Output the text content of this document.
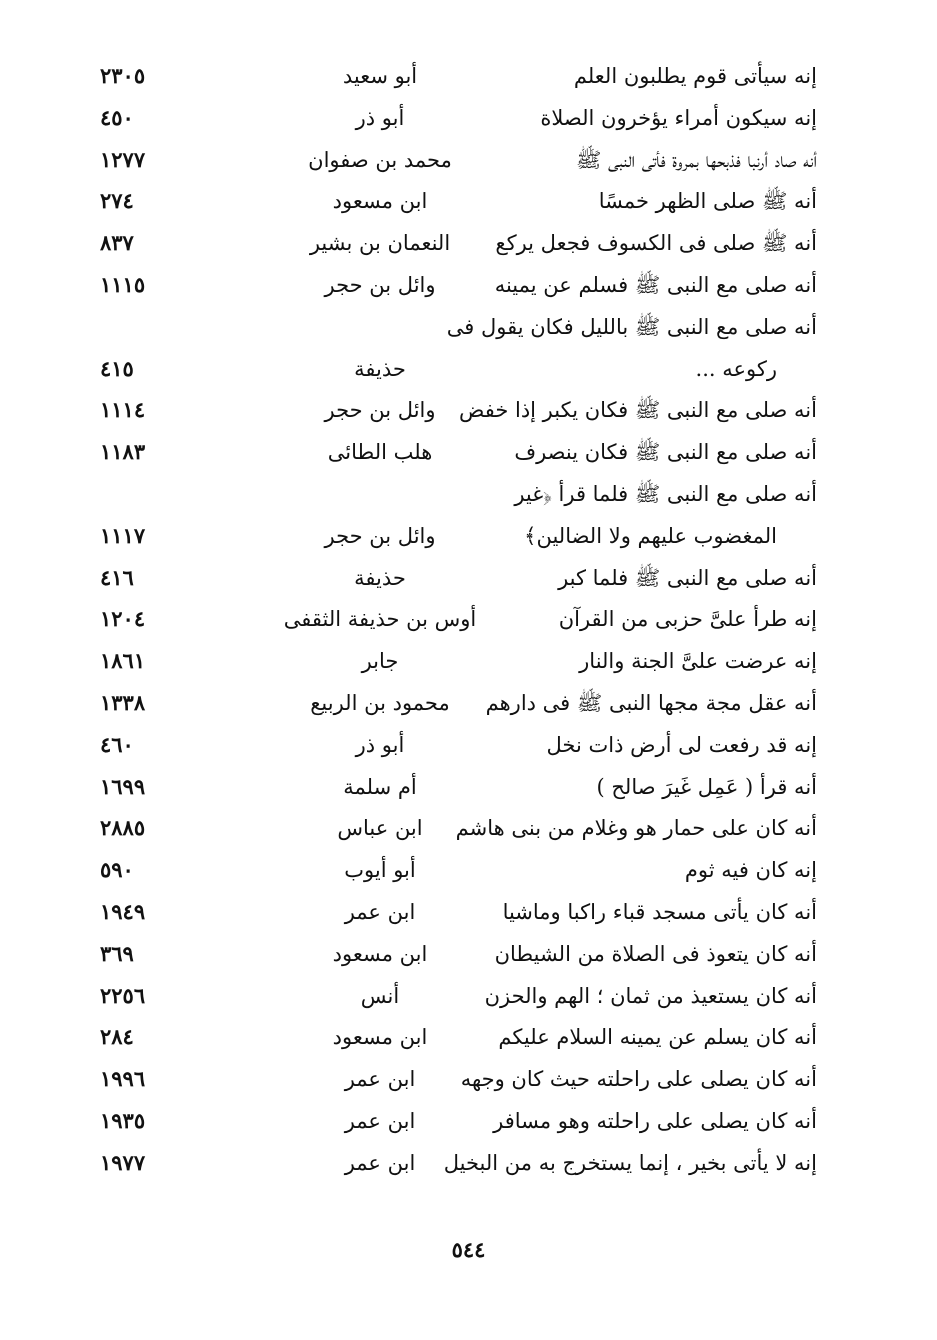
إنه سيأتى قوم يطلبون العلم
أبو سعيد
٢٣٠٥
إنه سيكون أمراء يؤخرون الصلاة
أبو ذر
٤٥٠
أنه صاد أرنبا فذبحها بمروة فأتى النبى ﷺ
محمد بن صفوان
١٢٧٧
أنه ﷺ صلى الظهر خمسًا
ابن مسعود
٢٧٤
أنه ﷺ صلى فى الكسوف فجعل يركع
النعمان بن بشير
٨٣٧
أنه صلى مع النبى ﷺ فسلم عن يمينه
وائل بن حجر
١١١٥
أنه صلى مع النبى ﷺ بالليل فكان يقول فى
ركوعه ...
حذيفة
٤١٥
أنه صلى مع النبى ﷺ فكان يكبر إذا خفض
وائل بن حجر
١١١٤
أنه صلى مع النبى ﷺ فكان ينصرف
هلب الطائى
١١٨٣
أنه صلى مع النبى ﷺ فلما قرأ ﴿غير
المغضوب عليهم ولا الضالين﴾
وائل بن حجر
١١١٧
أنه صلى مع النبى ﷺ فلما كبر
حذيفة
٤١٦
إنه طرأ علىَّ حزبى من القرآن
أوس بن حذيفة الثقفى
١٢٠٤
إنه عرضت علىَّ الجنة والنار
جابر
١٨٦١
أنه عقل مجة مجها النبى ﷺ فى دارهم
محمود بن الربيع
١٣٣٨
إنه قد رفعت لى أرض ذات نخل
أبو ذر
٤٦٠
أنه قرأ ( عَمِل غَيرَ صالح )
أم سلمة
١٦٩٩
أنه كان على حمار هو وغلام من بنى هاشم
ابن عباس
٢٨٨٥
إنه كان فيه ثوم
أبو أيوب
٥٩٠
أنه كان يأتى مسجد قباء راكبا وماشيا
ابن عمر
١٩٤٩
أنه كان يتعوذ فى الصلاة من الشيطان
ابن مسعود
٣٦٩
أنه كان يستعيذ من ثمان ؛ الهم والحزن
أنس
٢٢٥٦
أنه كان يسلم عن يمينه السلام عليكم
ابن مسعود
٢٨٤
أنه كان يصلى على راحلته حيث كان وجهه
ابن عمر
١٩٩٦
أنه كان يصلى على راحلته وهو مسافر
ابن عمر
١٩٣٥
إنه لا يأتى بخير ، إنما يستخرج به من البخيل
ابن عمر
١٩٧٧
٥٤٤
